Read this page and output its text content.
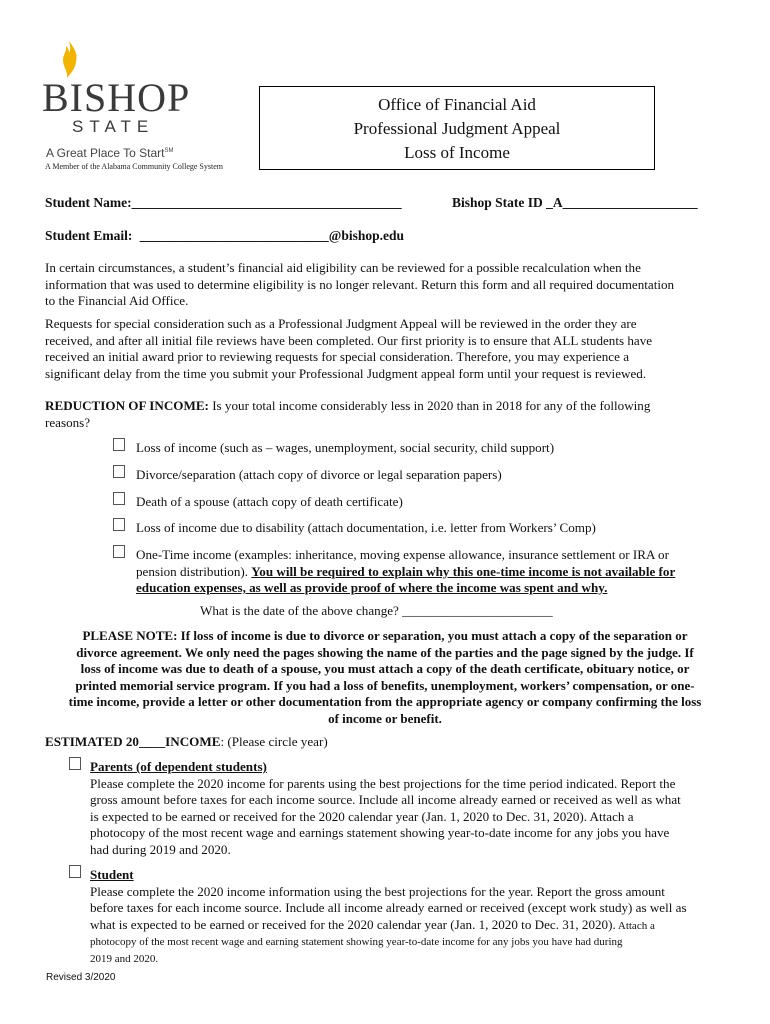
BISHOP
STATE
A Great Place To Start℠
A Member of the Alabama Community College System
Office of Financial Aid
Professional Judgment Appeal
Loss of Income
Student Name:________________________________________	Bishop State ID _A____________________
Student Email: ____________________________@bishop.edu
In certain circumstances, a student’s financial aid eligibility can be reviewed for a possible recalculation when the
information that was used to determine eligibility is no longer relevant. Return this form and all required documentation
to the Financial Aid Office.
Requests for special consideration such as a Professional Judgment Appeal will be reviewed in the order they are
received, and after all initial file reviews have been completed. Our first priority is to ensure that ALL students have
received an initial award prior to reviewing requests for special consideration. Therefore, you may experience a
significant delay from the time you submit your Professional Judgment appeal form until your request is reviewed.
REDUCTION OF INCOME: Is your total income considerably less in 2020 than in 2018 for any of the following
reasons?
Loss of income (such as – wages, unemployment, social security, child support)
Divorce/separation (attach copy of divorce or legal separation papers)
Death of a spouse (attach copy of death certificate)
Loss of income due to disability (attach documentation, i.e. letter from Workers’ Comp)
One-Time income (examples: inheritance, moving expense allowance, insurance settlement or IRA or
pension distribution). You will be required to explain why this one-time income is not available for
education expenses, as well as provide proof of where the income was spent and why.
What is the date of the above change? _______________________
PLEASE NOTE: If loss of income is due to divorce or separation, you must attach a copy of the separation or
divorce agreement. We only need the pages showing the name of the parties and the page signed by the judge. If
loss of income was due to death of a spouse, you must attach a copy of the death certificate, obituary notice, or
printed memorial service program. If you had a loss of benefits, unemployment, workers’ compensation, or one-
time income, provide a letter or other documentation from the appropriate agency or company confirming the loss
of income or benefit.
ESTIMATED 20____INCOME: (Please circle year)
Parents (of dependent students)
Please complete the 2020 income for parents using the best projections for the time period indicated. Report the
gross amount before taxes for each income source. Include all income already earned or received as well as what
is expected to be earned or received for the 2020 calendar year (Jan. 1, 2020 to Dec. 31, 2020). Attach a
photocopy of the most recent wage and earnings statement showing year-to-date income for any jobs you have
had during 2019 and 2020.
Student
Please complete the 2020 income information using the best projections for the year. Report the gross amount
before taxes for each income source. Include all income already earned or received (except work study) as well as
what is expected to be earned or received for the 2020 calendar year (Jan. 1, 2020 to Dec. 31, 2020). Attach a
photocopy of the most recent wage and earning statement showing year-to-date income for any jobs you have had during
2019 and 2020.
Revised 3/2020
